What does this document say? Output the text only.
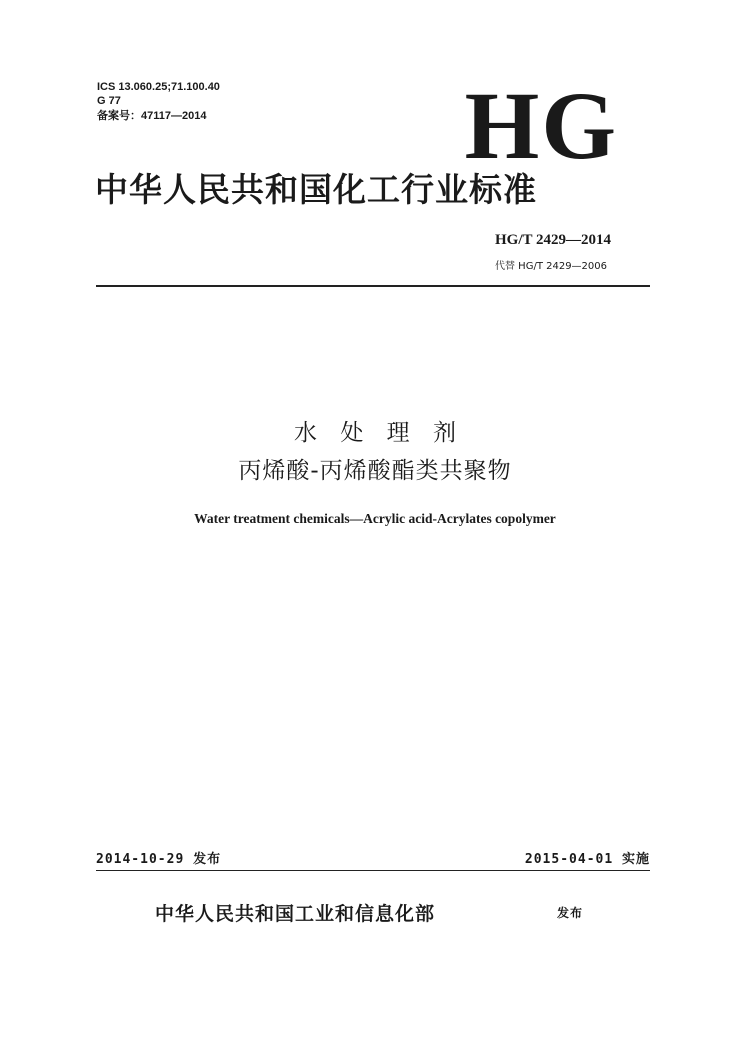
ICS 13.060.25;71.100.40
G 77
备案号：47117—2014	HG
中华人民共和国化工行业标准
HG/T 2429—2014
代替 HG/T 2429—2006
水 处 理 剂
丙烯酸-丙烯酸酯类共聚物
Water treatment chemicals—Acrylic acid-Acrylates copolymer
2014-10-29 发布	2015-04-01 实施
中华人民共和国工业和信息化部	发布
